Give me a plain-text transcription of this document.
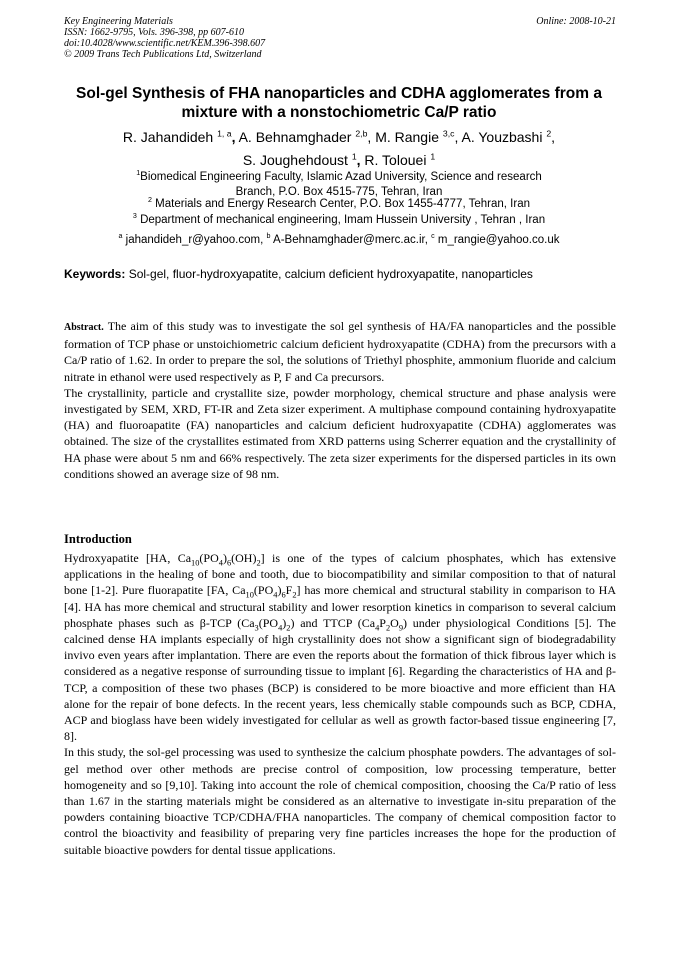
Key Engineering Materials
ISSN: 1662-9795, Vols. 396-398, pp 607-610
doi:10.4028/www.scientific.net/KEM.396-398.607
© 2009 Trans Tech Publications Ltd, Switzerland
Online: 2008-10-21
Sol-gel Synthesis of FHA nanoparticles and CDHA agglomerates from a
mixture with a nonstochiometric Ca/P ratio
R. Jahandideh $^{1, a}$, A. Behnamghader $^{2,b}$, M. Rangie $^{3,c}$, A. Youzbashi $^2$,
S. Joughehdoust $^1$, R. Tolouei $^1$
$^1$Biomedical Engineering Faculty, Islamic Azad University, Science and research
Branch, P.O. Box 4515-775, Tehran, Iran
$^2$ Materials and Energy Research Center, P.O. Box 1455-4777, Tehran, Iran
$^3$ Department of mechanical engineering, Imam Hussein University , Tehran , Iran
$^a$ jahandideh_r@yahoo.com, $^b$ A-Behnamghader@merc.ac.ir, $^c$ m_rangie@yahoo.co.uk
Keywords: Sol-gel, fluor-hydroxyapatite, calcium deficient hydroxyapatite, nanoparticles

Abstract. The aim of this study was to investigate the sol gel synthesis of HA/FA nanoparticles and the possible formation of TCP phase or unstoichiometric calcium deficient hydroxyapatite (CDHA) from the precursors with a Ca/P ratio of 1.62. In order to prepare the sol, the solutions of Triethyl phosphite, ammonium fluoride and calcium nitrate in ethanol were used respectively as P, F and Ca precursors.

The crystallinity, particle and crystallite size, powder morphology, chemical structure and phase analysis were investigated by SEM, XRD, FT-IR and Zeta sizer experiment. A multiphase compound containing hydroxyapatite (HA) and fluoroapatite (FA) nanoparticles and calcium deficient hudroxyapatite (CDHA) agglomerates was obtained. The size of the crystallites estimated from XRD patterns using Scherrer equation and the crystallinity of HA phase were about 5 nm and 66% respectively. The zeta sizer experiments for the dispersed particles in its own conditions showed an average size of 98 nm.

Introduction

Hydroxyapatite [HA, $Ca_{10}(PO_4)_6(OH)_2$] is one of the types of calcium phosphates, which has extensive applications in the healing of bone and tooth, due to biocompatibility and similar composition to that of natural bone [1-2]. Pure fluorapatite [FA, $Ca_{10}(PO_4)_6F_2$] has more chemical and structural stability in comparison to HA [4]. HA has more chemical and structural stability and lower resorption kinetics in comparison to several calcium phosphate phases such as β-TCP $(Ca_3(PO_4)_2)$ and TTCP $(Ca_4P_2O_9)$ under physiological Conditions [5]. The calcined dense HA implants especially of high crystallinity does not show a significant sign of biodegradability invivo even years after implantation. There are even the reports about the formation of thick fibrous layer which is considered as a negative response of surrounding tissue to implant [6]. Regarding the characteristics of HA and β-TCP, a composition of these two phases (BCP) is considered to be more bioactive and more efficient than HA alone for the repair of bone defects. In the recent years, less chemically stable compounds such as BCP, CDHA, ACP and bioglass have been widely investigated for cellular as well as growth factor-based tissue engineering [7, 8].

In this study, the sol-gel processing was used to synthesize the calcium phosphate powders. The advantages of sol-gel method over other methods are precise control of composition, low processing temperature, better homogeneity and so [9,10]. Taking into account the role of chemical composition, choosing the Ca/P ratio of less than 1.67 in the starting materials might be considered as an alternative to investigate in-situ preparation of the powders containing bioactive TCP/CDHA/FHA nanoparticles. The company of chemical composition factor to control the bioactivity and feasibility of preparing very fine particles increases the hope for the production of suitable bioactive powders for dental tissue applications.
